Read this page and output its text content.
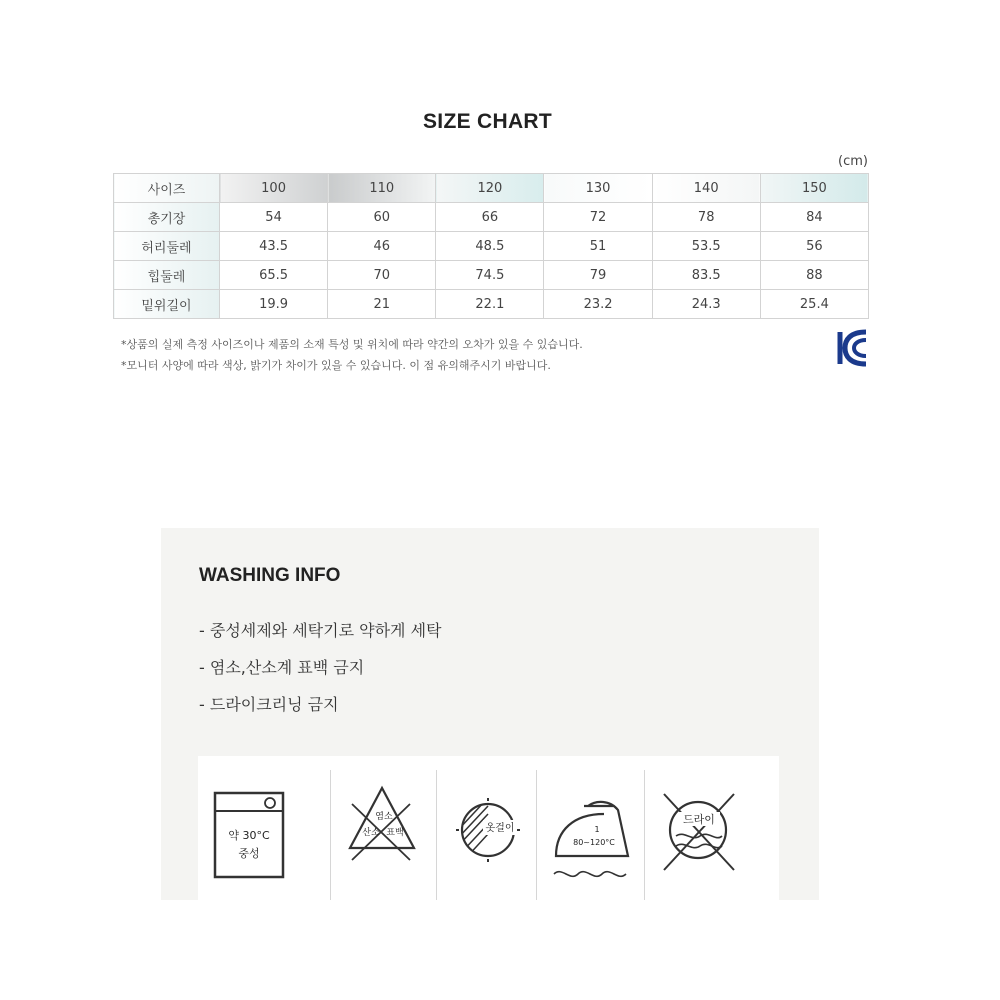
SIZE CHART
(cm)
사이즈	100	110	120	130	140	150
총기장	54	60	66	72	78	84
허리둘레	43.5	46	48.5	51	53.5	56
힙둘레	65.5	70	74.5	79	83.5	88
밑위길이	19.9	21	22.1	23.2	24.3	25.4
*상품의 실제 측정 사이즈이나 제품의 소재 특성 및 위치에 따라 약간의 오차가 있을 수 있습니다.
*모니터 사양에 따라 색상, 밝기가 차이가 있을 수 있습니다. 이 점 유의해주시기 바랍니다.
WASHING INFO
- 중성세제와 세탁기로 약하게 세탁
- 염소,산소계 표백 금지
- 드라이크리닝 금지
약 30°C
중성
염소
산소 표백	옷걸이	1
80~120°C
드라이
